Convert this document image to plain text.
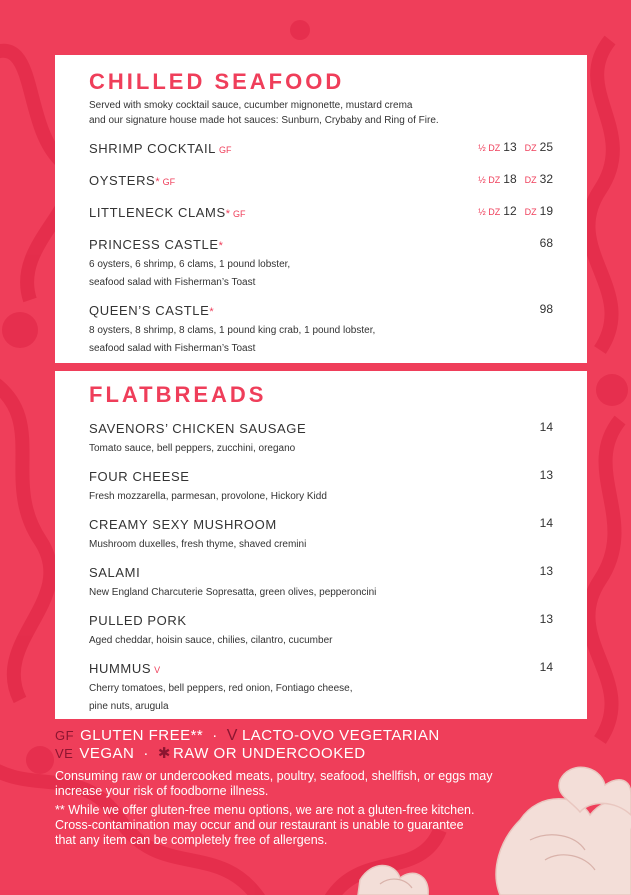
CHILLED SEAFOOD
Served with smoky cocktail sauce, cucumber mignonette, mustard crema
and our signature house made hot sauces: Sunburn, Crybaby and Ring of Fire.
SHRIMP COCKTAIL GF	½ DZ 13 DZ 25
OYSTERS* GF	½ DZ 18 DZ 32
LITTLENECK CLAMS* GF	½ DZ 12 DZ 19
PRINCESS CASTLE*	68
6 oysters, 6 shrimp, 6 clams, 1 pound lobster,
seafood salad with Fisherman’s Toast
QUEEN’S CASTLE*	98
8 oysters, 8 shrimp, 8 clams, 1 pound king crab, 1 pound lobster,
seafood salad with Fisherman’s Toast
FLATBREADS
SAVENORS’ CHICKEN SAUSAGE	14
Tomato sauce, bell peppers, zucchini, oregano
FOUR CHEESE	13
Fresh mozzarella, parmesan, provolone, Hickory Kidd
CREAMY SEXY MUSHROOM	14
Mushroom duxelles, fresh thyme, shaved cremini
SALAMI	13
New England Charcuterie Sopresatta, green olives, pepperoncini
PULLED PORK	13
Aged cheddar, hoisin sauce, chilies, cilantro, cucumber
HUMMUS V	14
Cherry tomatoes, bell peppers, red onion, Fontiago cheese,
pine nuts, arugula
GF GLUTEN FREE** · V LACTO-OVO VEGETARIAN
VE VEGAN · ✱ RAW OR UNDERCOOKED
Consuming raw or undercooked meats, poultry, seafood, shellfish, or eggs may
increase your risk of foodborne illness.
** While we offer gluten-free menu options, we are not a gluten-free kitchen.
Cross-contamination may occur and our restaurant is unable to guarantee
that any item can be completely free of allergens.
